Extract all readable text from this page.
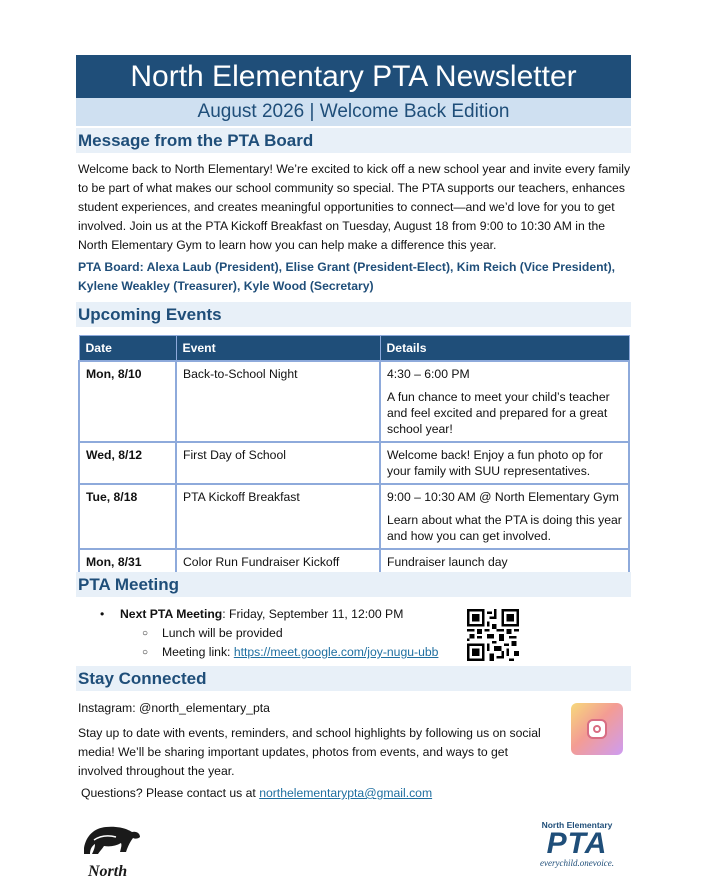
North Elementary PTA Newsletter
August 2026 | Welcome Back Edition
Message from the PTA Board
Welcome back to North Elementary! We’re excited to kick off a new school year and invite every family to be part of what makes our school community so special. The PTA supports our teachers, enhances student experiences, and creates meaningful opportunities to connect—and we’d love for you to get involved. Join us at the PTA Kickoff Breakfast on Tuesday, August 18 from 9:00 to 10:30 AM in the North Elementary Gym to learn how you can help make a difference this year.
PTA Board: Alexa Laub (President), Elise Grant (President-Elect), Kim Reich (Vice President), Kylene Weakley (Treasurer), Kyle Wood (Secretary)
Upcoming Events
Date	Event	Details
Mon, 8/10	Back-to-School Night	4:30 – 6:00 PM

A fun chance to meet your child’s teacher and feel excited and prepared for a great school year!

Wed, 8/12	First Day of School	Welcome back! Enjoy a fun photo op for your family with SUU representatives.

Tue, 8/18	PTA Kickoff Breakfast	9:00 – 10:30 AM @ North Elementary Gym

Learn about what the PTA is doing this year and how you can get involved.

Mon, 8/31	Color Run Fundraiser Kickoff	Fundraiser launch day

PTA Meeting
• Next PTA Meeting: Friday, September 11, 12:00 PM
○ Lunch will be provided
○ Meeting link: https://meet.google.com/joy-nugu-ubb
Stay Connected
Instagram: @north_elementary_pta
Stay up to date with events, reminders, and school highlights by following us on social media! We’ll be sharing important updates, photos from events, and ways to get involved throughout the year.
Questions? Please contact us at northelementarypta@gmail.com
North
North Elementary
PTA
everychild.onevoice.
